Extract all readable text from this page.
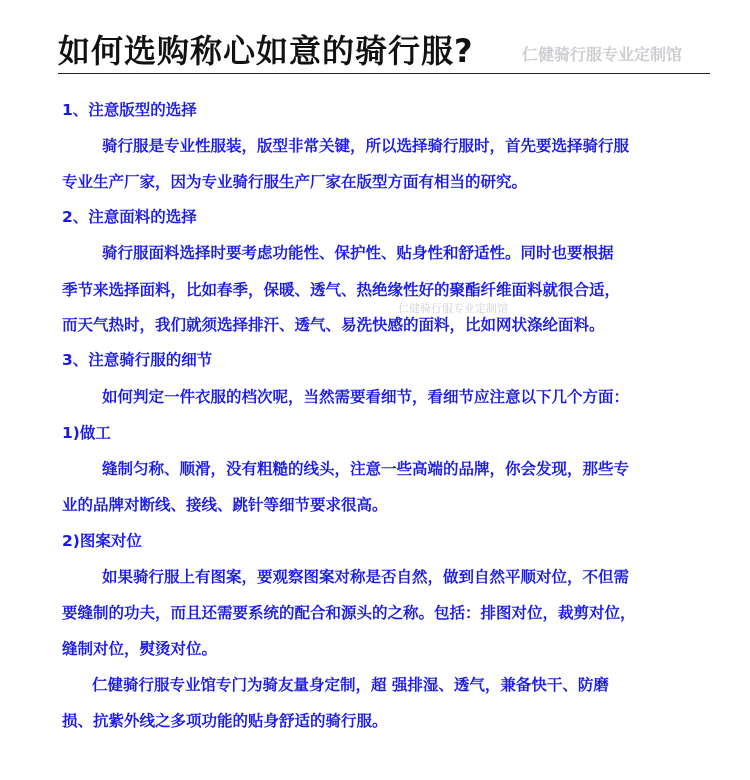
如何选购称心如意的骑行服?	仁健骑行服专业定制馆
仁健骑行服专业定制馆
1、注意版型的选择
骑行服是专业性服装，版型非常关键，所以选择骑行服时，首先要选择骑行服
专业生产厂家，因为专业骑行服生产厂家在版型方面有相当的研究。
2、注意面料的选择
骑行服面料选择时要考虑功能性、保护性、贴身性和舒适性。同时也要根据
季节来选择面料，比如春季，保暖、透气、热绝缘性好的聚酯纤维面料就很合适，
而天气热时，我们就须选择排汗、透气、易洗快感的面料，比如网状涤纶面料。
3、注意骑行服的细节
如何判定一件衣服的档次呢，当然需要看细节，看细节应注意以下几个方面：
1)做工
缝制匀称、顺滑，没有粗糙的线头，注意一些高端的品牌，你会发现，那些专
业的品牌对断线、接线、跳针等细节要求很高。
2)图案对位
如果骑行服上有图案，要观察图案对称是否自然，做到自然平顺对位，不但需
要缝制的功夫，而且还需要系统的配合和源头的之称。包括：排图对位，裁剪对位，
缝制对位，熨烫对位。
仁健骑行服专业馆专门为骑友量身定制，超 强排湿、透气，兼备快干、防磨
损、抗紫外线之多项功能的贴身舒适的骑行服。
